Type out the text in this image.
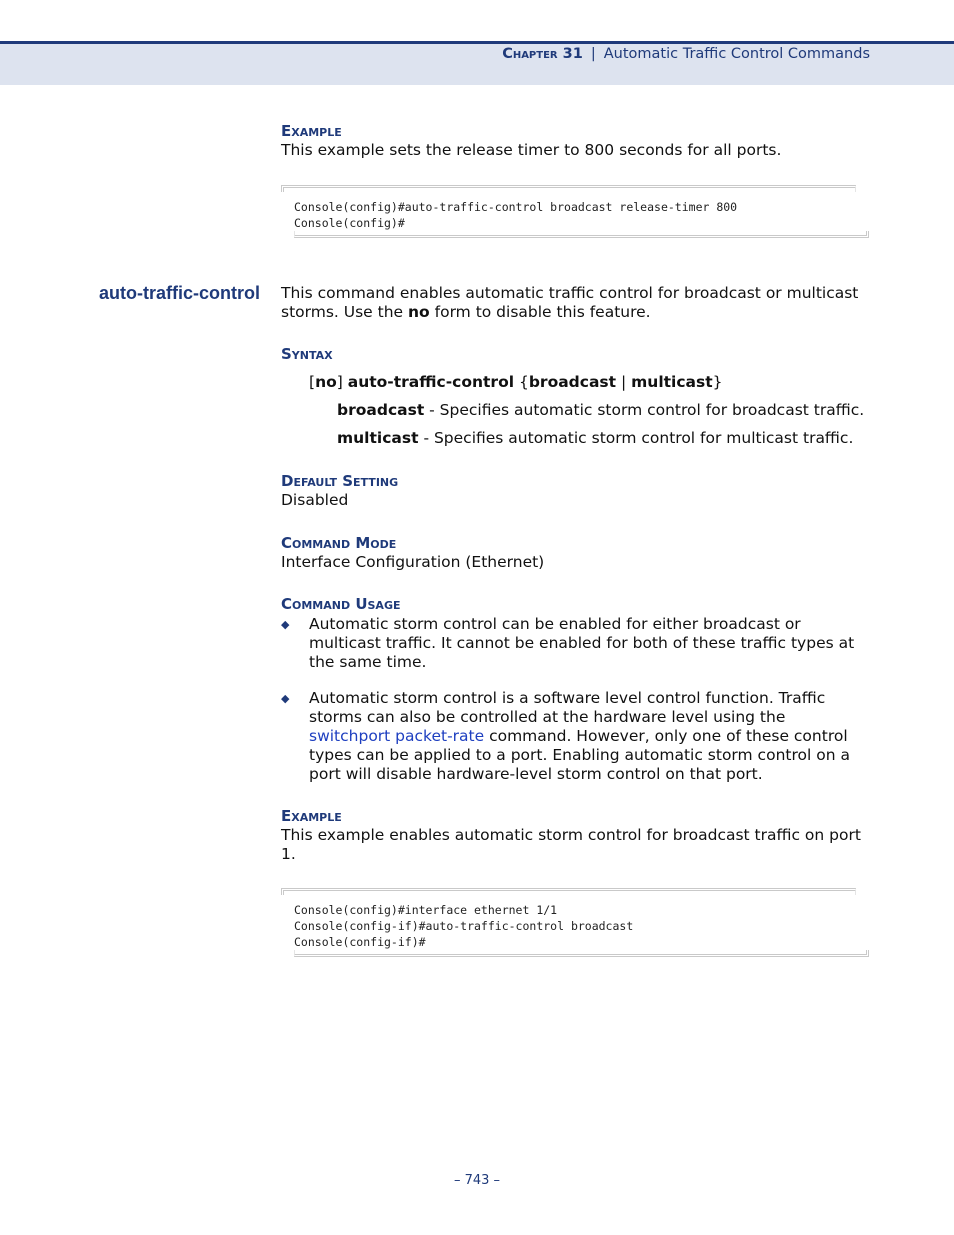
Chapter 31 | Automatic Traffic Control Commands
Example
This example sets the release timer to 800 seconds for all ports.
Console(config)#auto-traffic-control broadcast release-timer 800
Console(config)#
auto-traffic-control This command enables automatic traffic control for broadcast or multicast storms. Use the no form to disable this feature.
Syntax
[no] auto-traffic-control {broadcast | multicast}
broadcast - Specifies automatic storm control for broadcast traffic.
multicast - Specifies automatic storm control for multicast traffic.
Default Setting
Disabled
Command Mode
Interface Configuration (Ethernet)
Command Usage
◆ Automatic storm control can be enabled for either broadcast or multicast traffic. It cannot be enabled for both of these traffic types at the same time.
◆ Automatic storm control is a software level control function. Traffic storms can also be controlled at the hardware level using the switchport packet-rate command. However, only one of these control types can be applied to a port. Enabling automatic storm control on a port will disable hardware-level storm control on that port.
Example
This example enables automatic storm control for broadcast traffic on port 1.
Console(config)#interface ethernet 1/1
Console(config-if)#auto-traffic-control broadcast
Console(config-if)#
– 743 –
